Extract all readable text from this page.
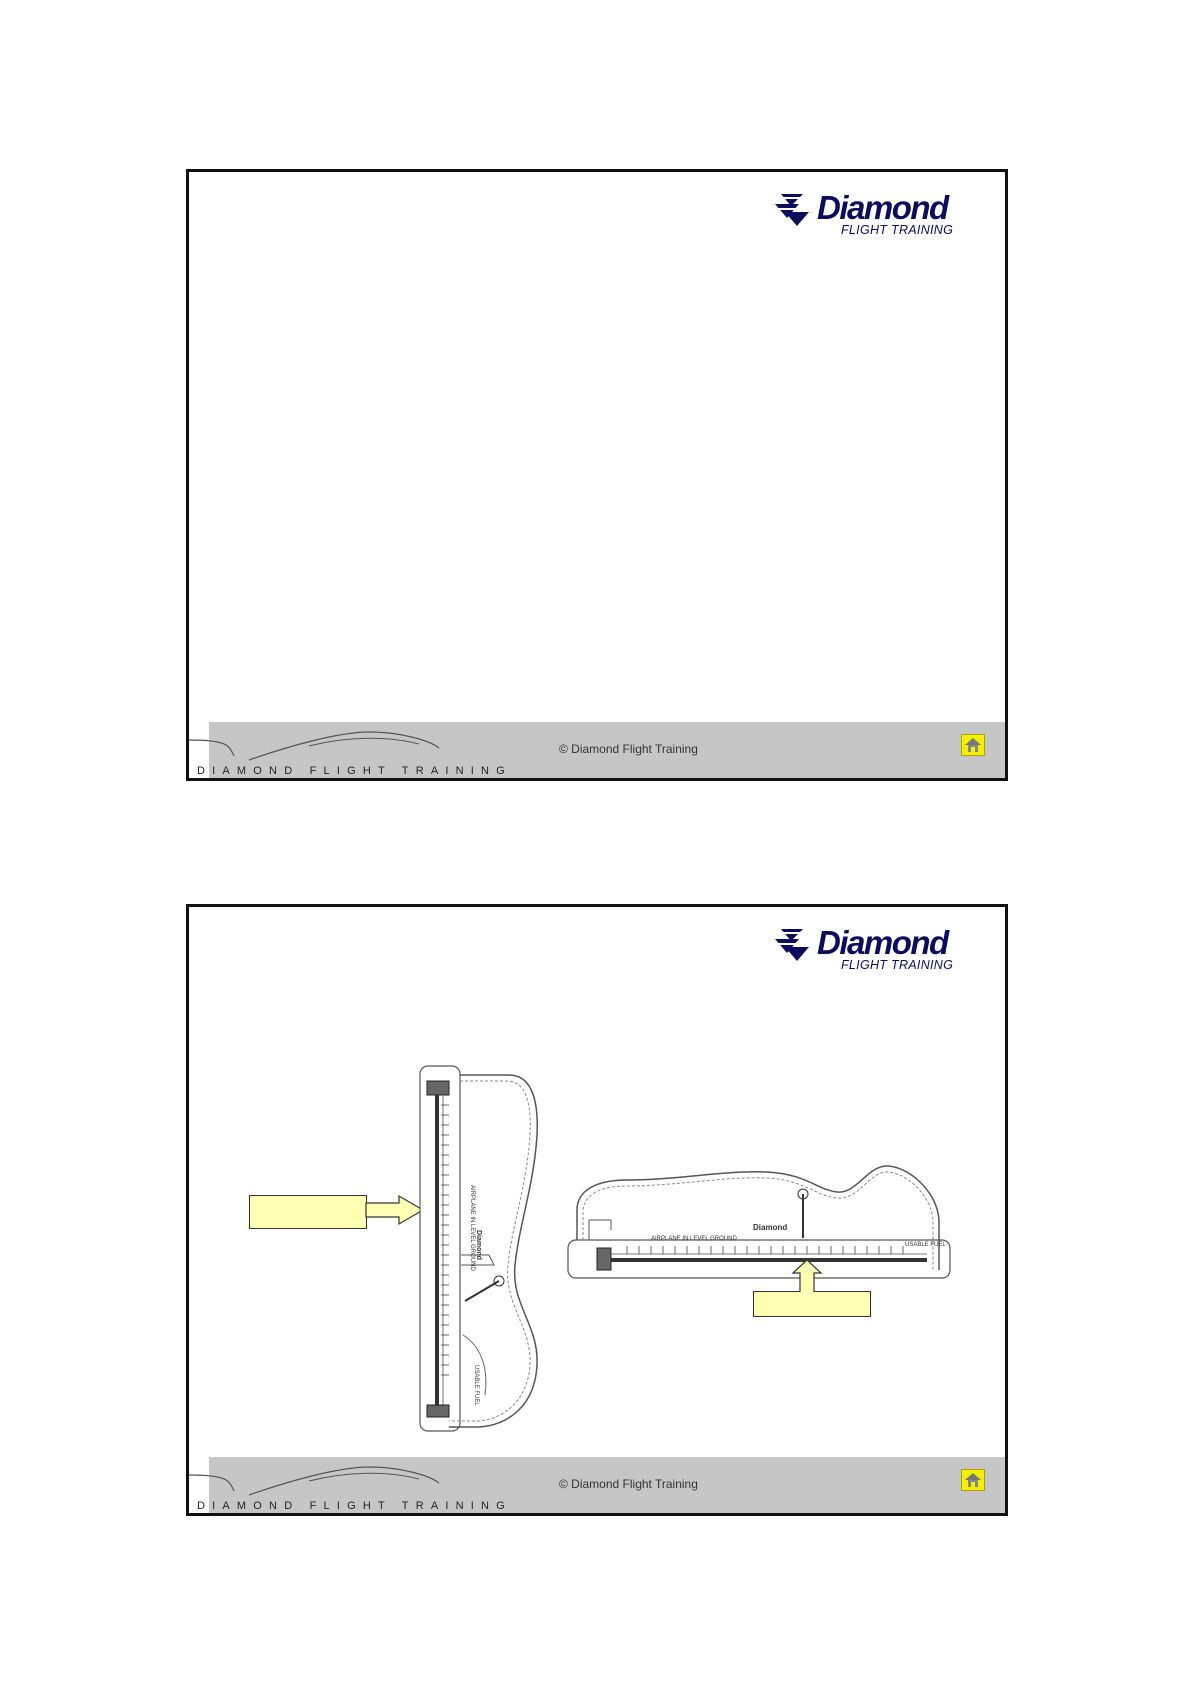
Diamond
FLIGHT TRAINING
© Diamond Flight Training
DIAMOND FLIGHT TRAINING
Diamond
FLIGHT TRAINING
AIRPLANE IN LEVEL GROUND
USABLE FUEL
Diamond	AIRPLANE IN LEVEL GROUND
USABLE FUEL
Diamond
© Diamond Flight Training
DIAMOND FLIGHT TRAINING
